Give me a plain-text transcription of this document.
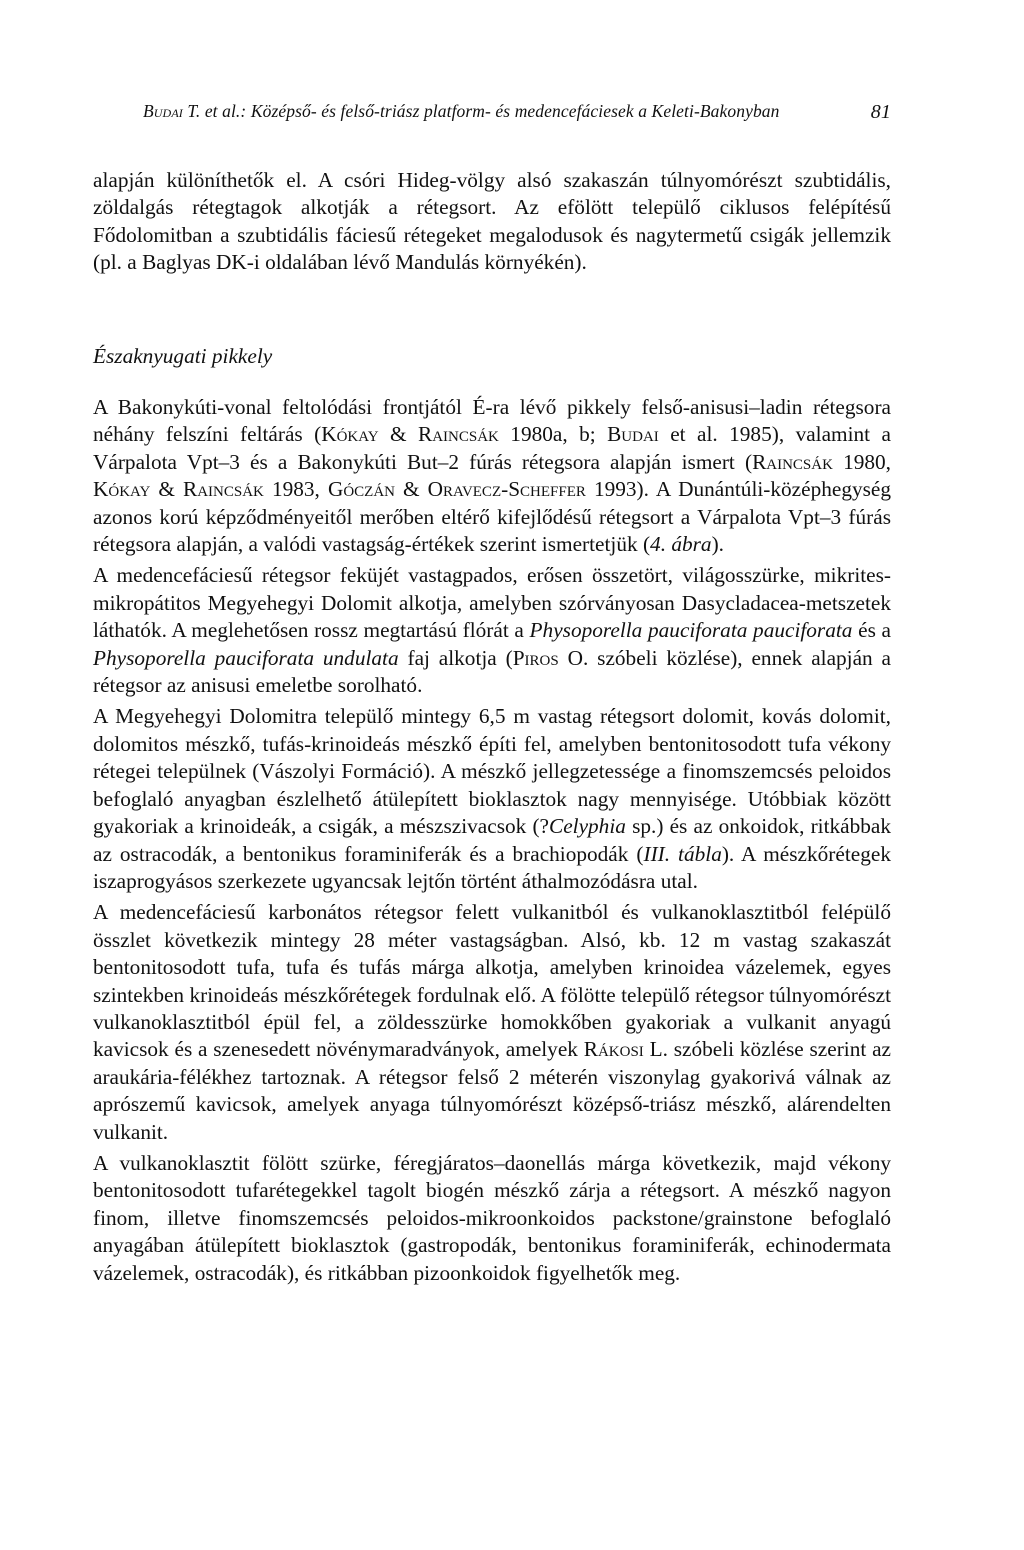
Budai T. et al.: Középső- és felső-triász platform- és medencefáciesek a Keleti-Bakonyban	81

alapján különíthetők el. A csóri Hideg-völgy alsó szakaszán túlnyomórészt szubtidális, zöldalgás rétegtagok alkotják a rétegsort. Az efölött települő ciklusos felépítésű Fődolomitban a szubtidális fáciesű rétegeket megalodusok és nagytermetű csigák jellemzik (pl. a Baglyas DK-i oldalában lévő Mandulás környékén).

Északnyugati pikkely

A Bakonykúti-vonal feltolódási frontjától É-ra lévő pikkely felső-anisusi–ladin rétegsora néhány felszíni feltárás (Kókay & Raincsák 1980a, b; Budai et al. 1985), valamint a Várpalota Vpt–3 és a Bakonykúti But–2 fúrás rétegsora alapján ismert (Raincsák 1980, Kókay & Raincsák 1983, Góczán & Oravecz-Scheffer 1993). A Dunántúli-középhegység azonos korú képződményeitől merőben eltérő kifejlődésű rétegsort a Várpalota Vpt–3 fúrás rétegsora alapján, a valódi vastagság-értékek szerint ismertetjük (4. ábra).

A medencefáciesű rétegsor feküjét vastagpados, erősen összetört, világosszürke, mikrites-mikropátitos Megyehegyi Dolomit alkotja, amelyben szórványosan Dasycladacea-metszetek láthatók. A meglehetősen rossz megtartású flórát a Physoporella pauciforata pauciforata és a Physoporella pauciforata undulata faj alkotja (Piros O. szóbeli közlése), ennek alapján a rétegsor az anisusi emeletbe sorolható.

A Megyehegyi Dolomitra települő mintegy 6,5 m vastag rétegsort dolomit, kovás dolomit, dolomitos mészkő, tufás-krinoideás mészkő építi fel, amelyben bentonitosodott tufa vékony rétegei települnek (Vászolyi Formáció). A mészkő jellegzetessége a finomszemcsés peloidos befoglaló anyagban észlelhető átülepített bioklasztok nagy mennyisége. Utóbbiak között gyakoriak a krinoideák, a csigák, a mészszivacsok (?Celyphia sp.) és az onkoidok, ritkábbak az ostracodák, a bentonikus foraminiferák és a brachiopodák (III. tábla). A mészkőrétegek iszaprogyásos szerkezete ugyancsak lejtőn történt áthalmozódásra utal.

A medencefáciesű karbonátos rétegsor felett vulkanitból és vulkanoklasztitból felépülő összlet következik mintegy 28 méter vastagságban. Alsó, kb. 12 m vastag szakaszát bentonitosodott tufa, tufa és tufás márga alkotja, amelyben krinoidea vázelemek, egyes szintekben krinoideás mészkőrétegek fordulnak elő. A fölötte települő rétegsor túlnyomórészt vulkanoklasztitból épül fel, a zöldesszürke homokkőben gyakoriak a vulkanit anyagú kavicsok és a szenesedett növénymaradványok, amelyek Rákosi L. szóbeli közlése szerint az araukária-félékhez tartoznak. A rétegsor felső 2 méterén viszonylag gyakorivá válnak az aprószemű kavicsok, amelyek anyaga túlnyomórészt középső-triász mészkő, alárendelten vulkanit.

A vulkanoklasztit fölött szürke, féregjáratos–daonellás márga következik, majd vékony bentonitosodott tufarétegekkel tagolt biogén mészkő zárja a rétegsort. A mészkő nagyon finom, illetve finomszemcsés peloidos-mikroonkoidos packstone/grainstone befoglaló anyagában átülepített bioklasztok (gastropodák, bentonikus foraminiferák, echinodermata vázelemek, ostracodák), és ritkábban pizoonkoidok figyelhetők meg.
